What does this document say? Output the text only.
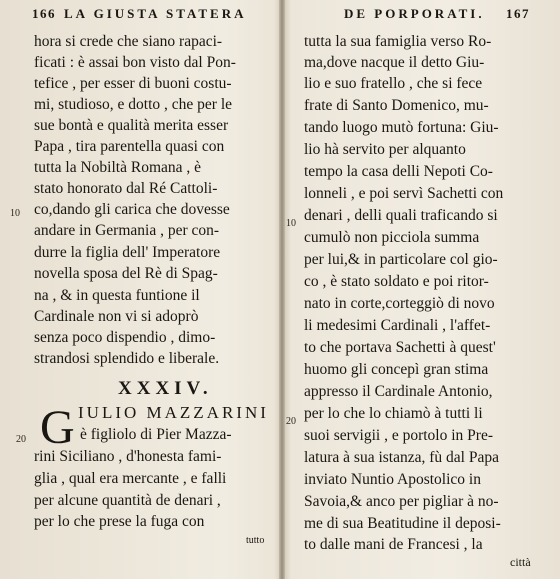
166 LA GIUSTA STATERA
hora si crede che siano rapaci-
ficati : è assai bon visto dal Pon-
tefice , per esser di buoni costu-
mi, studioso, e dotto , che per le
sue bontà e qualità merita esser
Papa , tira parentella quasi con
tutta la Nobiltà Romana , è
stato honorato dal Ré Cattoli-
co,dando gli carica che dovesse
andare in Germania , per con-
durre la figlia dell' Imperatore
novella sposa del Rè di Spag-
na , & in questa funtione il
Cardinale non vi si adoprò
senza poco dispendio , dimo-
strandosi splendido e liberale.
10
20
XXXIV.
G IULIO MAZZARINI
è figliolo di Pier Mazza-
rini Siciliano , d'honesta fami-
glia , qual era mercante , e falli
per alcune quantità de denari ,
per lo che prese la fuga con
tutto
DE PORPORATI. 167
tutta la sua famiglia verso Ro-
ma,dove nacque il detto Giu-
lio e suo fratello , che si fece
frate di Santo Domenico, mu-
tando luogo mutò fortuna: Giu-
lio hà servito per alquanto
tempo la casa delli Nepoti Co-
lonneli , e poi servì Sachetti con
denari , delli quali traficando si
cumulò non picciola summa
per lui,& in particolare col gio-
co , è stato soldato e poi ritor-
nato in corte,corteggiò di novo
li medesimi Cardinali , l'affet-
to che portava Sachetti à quest'
huomo gli concepì gran stima
appresso il Cardinale Antonio,
per lo che lo chiamò à tutti li
suoi servigii , e portolo in Pre-
latura à sua istanza, fù dal Papa
inviato Nuntio Apostolico in
Savoia,& anco per pigliar à no-
me di sua Beatitudine il deposi-
to dalle mani de Francesi , la
10
20
città
